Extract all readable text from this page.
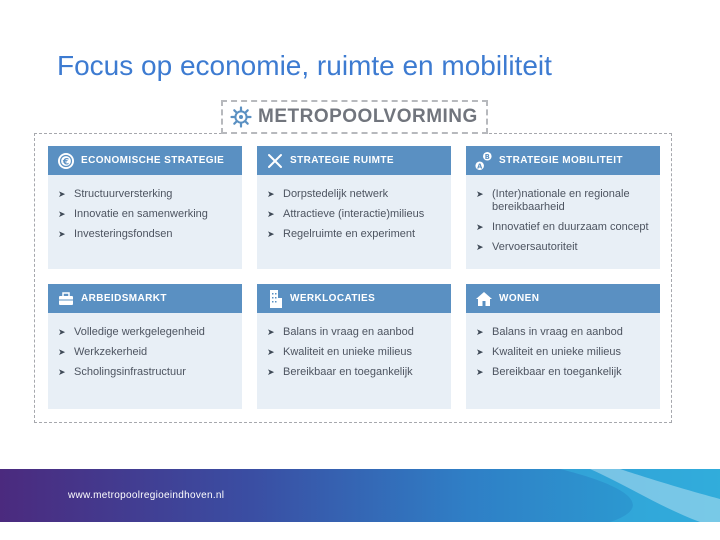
Focus op economie, ruimte en mobiliteit
METROPOOLVORMING
€ ECONOMISCHE STRATEGIE
➤ Structuurversterking
➤ Innovatie en samenwerking
➤ Investeringsfondsen
STRATEGIE RUIMTE
➤ Dorpstedelijk netwerk
➤ Attractieve (interactie)milieus
➤ Regelruimte en experiment
B
A
STRATEGIE MOBILITEIT
➤ (Inter)nationale en regionale bereikbaarheid
➤ Innovatief en duurzaam concept
➤ Vervoersautoriteit
ARBEIDSMARKT
➤ Volledige werkgelegenheid
➤ Werkzekerheid
➤ Scholingsinfrastructuur
WERKLOCATIES
➤ Balans in vraag en aanbod
➤ Kwaliteit en unieke milieus
➤ Bereikbaar en toegankelijk
WONEN
➤ Balans in vraag en aanbod
➤ Kwaliteit en unieke milieus
➤ Bereikbaar en toegankelijk
www.metropoolregioeindhoven.nl
